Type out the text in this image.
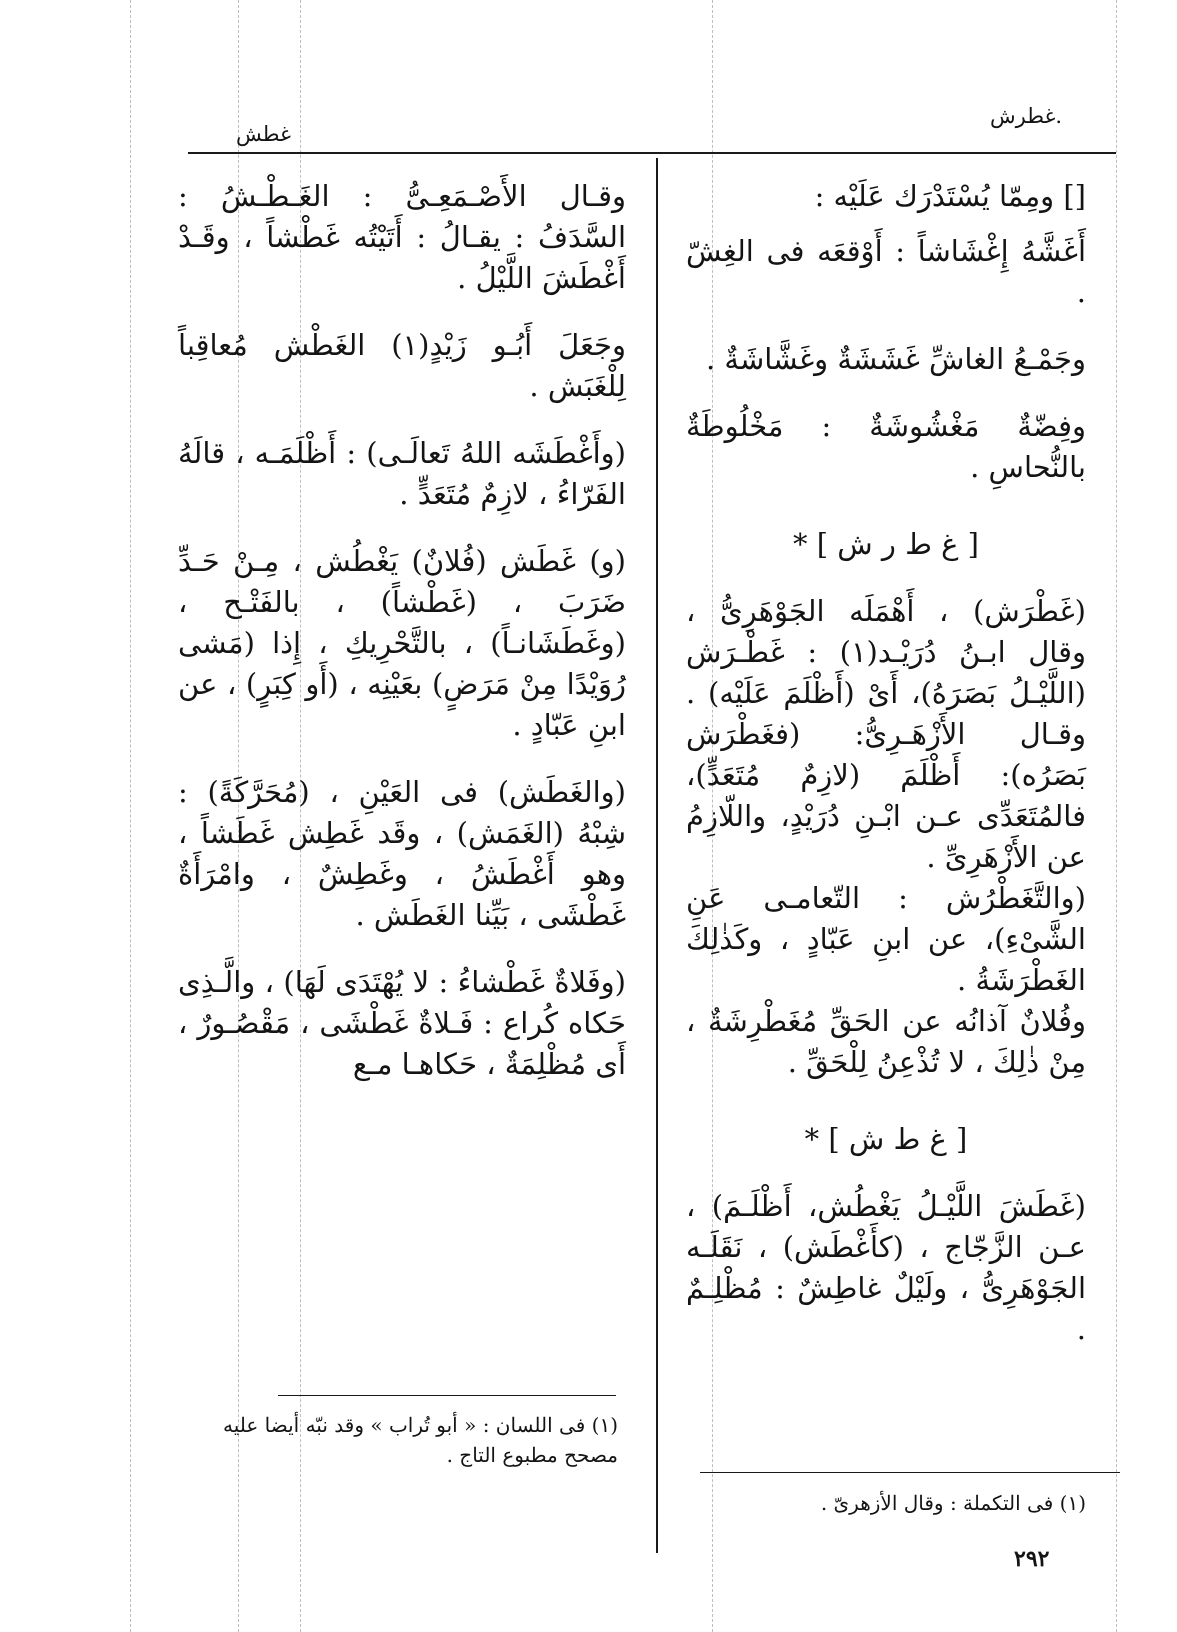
غطش
.غطرش

[] ومِمّا يُسْتَدْرَك عَلَيْه :

أَغَشَّهُ إِغْشَاشاً : أَوْقعَه فى الغِشّ .

وجَمْـعُ الغاشِّ غَشَشَةٌ وغَشَّاشَةٌ .

وفِضّةٌ مَغْشُوشَةٌ : مَخْلُوطَةٌ بالنُّحاسِ .

[ غ ط ر ش ] *

(غَطْرَش) ، أَهْمَلَه الجَوْهَرِىُّ ، وقال ابـنُ دُرَيْـد(١) : غَطْـرَش (اللَّيْـلُ بَصَرَهُ)، أَىْ (أَظْلَمَ عَلَيْه) . وقـال الأَزْهَـرِىُّ: (فغَطْرَش بَصَرُه): أَظْلَمَ (لازِمٌ مُتَعَدٍّ)، فالمُتَعَدِّى عـن ابْـنِ دُرَيْدٍ، واللّازِمُ عن الأَزْهَرِىِّ .

(والتَّغَطْرُش : التّعامـى عَنِ الشَّىْءِ)، عن ابنِ عَبّادٍ ، وكَذٰلِكَ الغَطْرَشَةُ .

وفُلانٌ آذانُه عن الحَقِّ مُغَطْرِشَةٌ ، مِنْ ذٰلِكَ ، لا تُذْعِنُ لِلْحَقِّ .

[ غ ط ش ] *

(غَطَشَ اللَّيْـلُ يَغْطُش، أَظْلَـمَ) ، عـن الزَّجّاج ، (كأَغْطَش) ، نَقَلَـه الجَوْهَرِىُّ ، ولَيْلٌ غاطِشٌ : مُظْلِـمٌ .

وقـال الأَصْـمَعِـىُّ : الغَـطْـشُ : السَّدَفُ : يقـالُ : أَتَيْتُه غَطْشاً ، وقَـدْ أَغْطَشَ اللَّيْلُ .

وجَعَلَ أَبُـو زَيْدٍ(١) الغَطْش مُعاقِباً لِلْغَبَش .

(وأَغْطَشَه اللهُ تَعالَـى) : أَظْلَمَـه ، قالَهُ الفَرّاءُ ، لازِمٌ مُتَعَدٍّ .

(و) غَطَش (فُلانٌ) يَغْطُش ، مِـنْ حَـدِّ ضَرَبَ ، (غَطْشاً) ، بالفَتْـح ، (وغَطَشَانـاً) ، بالتَّحْرِيكِ ، إِذا (مَشى رُوَيْدًا مِنْ مَرَضٍ) بعَيْنِه ، (أَو كِبَرٍ) ، عن ابنِ عَبّادٍ .

(والغَطَش) فى العَيْنِ ، (مُحَرَّكَةً) : شِبْهُ (الغَمَش) ، وقَد غَطِش غَطَشاً ، وهو أَغْطَشُ ، وغَطِشٌ ، وامْرَأَةٌ غَطْشَى ، بَيِّنا الغَطَش .

(وفَلاةٌ غَطْشاءُ : لا يُهْتَدَى لَهَا) ، والَّـذِى حَكاه كُراع : فَـلاةٌ غَطْشَى ، مَقْصُـورٌ ، أَى مُظْلِمَةٌ ، حَكاهـا مـع

(١) فى اللسان : « أبو تُراب » وقد نبّه أيضا عليه مصحح مطبوع التاج .
(١) فى التكملة : وقال الأزهرىّ .
٢٩٢
